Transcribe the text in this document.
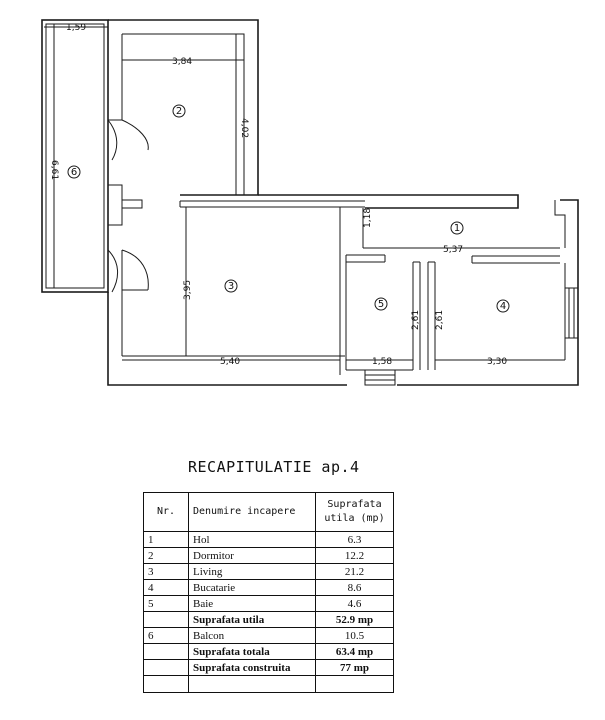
1,59
3,84
4,02
6,61
1,18
5,37
3,95
2,61 2,61
5,40	1,58	3,30
1
2
3
4
5
6
RECAPITULATIE ap.4
Nr.	Denumire incapere	Suprafata
utila (mp)
1	Hol	6.3
2	Dormitor	12.2
3	Living	21.2
4	Bucatarie	8.6
5	Baie	4.6
	Suprafata utila	52.9 mp
6	Balcon	10.5
	Suprafata totala	63.4 mp
	Suprafata construita	77 mp
